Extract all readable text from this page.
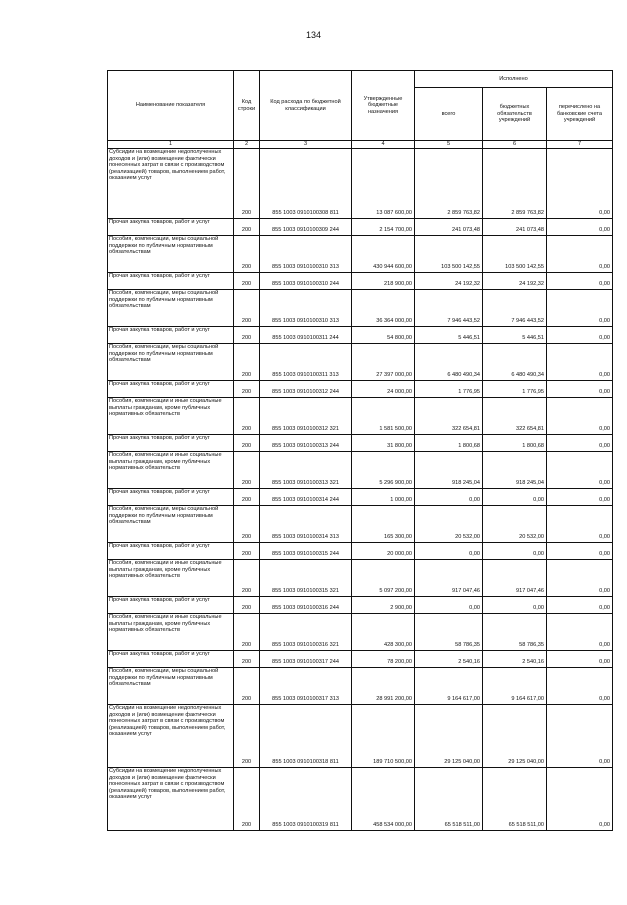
134
Наименование показателя	Код строки	Код расхода по бюджетной классификации	Утвержденные бюджетные назначения	Исполнено		
				всего	бюджетных обязательств учреждений	перечислено на банковские счета учреждений
1	2	3	4	5	6	7
Субсидии на возмещение недополученных доходов и (или) возмещение фактически понесенных затрат в связи с производством (реализацией) товаров, выполнением работ, оказанием услуг	200	855 1003 0910100308 811	13 087 600,00	2 859 763,82	2 859 763,82	0,00
Прочая закупка товаров, работ и услуг	200	855 1003 0910100309 244	2 154 700,00	241 073,48	241 073,48	0,00
Пособия, компенсации, меры социальной поддержки по публичным нормативным обязательствам	200	855 1003 0910100310 313	430 944 600,00	103 500 142,55	103 500 142,55	0,00
Прочая закупка товаров, работ и услуг	200	855 1003 0910100310 244	218 900,00	24 192,32	24 192,32	0,00
Пособия, компенсации, меры социальной поддержки по публичным нормативным обязательствам	200	855 1003 0910100310 313	36 364 000,00	7 946 443,52	7 946 443,52	0,00
Прочая закупка товаров, работ и услуг	200	855 1003 0910100311 244	54 800,00	5 446,51	5 446,51	0,00
Пособия, компенсации, меры социальной поддержки по публичным нормативным обязательствам	200	855 1003 0910100311 313	27 397 000,00	6 480 490,34	6 480 490,34	0,00
Прочая закупка товаров, работ и услуг	200	855 1003 0910100312 244	24 000,00	1 776,95	1 776,95	0,00
Пособия, компенсации и иные социальные выплаты гражданам, кроме публичных нормативных обязательств	200	855 1003 0910100312 321	1 581 500,00	322 654,81	322 654,81	0,00
Прочая закупка товаров, работ и услуг	200	855 1003 0910100313 244	31 800,00	1 800,68	1 800,68	0,00
Пособия, компенсации и иные социальные выплаты гражданам, кроме публичных нормативных обязательств	200	855 1003 0910100313 321	5 296 900,00	918 245,04	918 245,04	0,00
Прочая закупка товаров, работ и услуг	200	855 1003 0910100314 244	1 000,00	0,00	0,00	0,00
Пособия, компенсации, меры социальной поддержки по публичным нормативным обязательствам	200	855 1003 0910100314 313	165 300,00	20 532,00	20 532,00	0,00
Прочая закупка товаров, работ и услуг	200	855 1003 0910100315 244	20 000,00	0,00	0,00	0,00
Пособия, компенсации и иные социальные выплаты гражданам, кроме публичных нормативных обязательств	200	855 1003 0910100315 321	5 097 200,00	917 047,46	917 047,46	0,00
Прочая закупка товаров, работ и услуг	200	855 1003 0910100316 244	2 900,00	0,00	0,00	0,00
Пособия, компенсации и иные социальные выплаты гражданам, кроме публичных нормативных обязательств	200	855 1003 0910100316 321	428 300,00	58 786,35	58 786,35	0,00
Прочая закупка товаров, работ и услуг	200	855 1003 0910100317 244	78 200,00	2 540,16	2 540,16	0,00
Пособия, компенсации, меры социальной поддержки по публичным нормативным обязательствам	200	855 1003 0910100317 313	28 991 200,00	9 164 617,00	9 164 617,00	0,00
Субсидии на возмещение недополученных доходов и (или) возмещение фактически понесенных затрат в связи с производством (реализацией) товаров, выполнением работ, оказанием услуг	200	855 1003 0910100318 811	189 710 500,00	29 125 040,00	29 125 040,00	0,00
Субсидии на возмещение недополученных доходов и (или) возмещение фактически понесенных затрат в связи с производством (реализацией) товаров, выполнением работ, оказанием услуг	200	855 1003 0910100319 811	458 534 000,00	65 518 511,00	65 518 511,00	0,00
